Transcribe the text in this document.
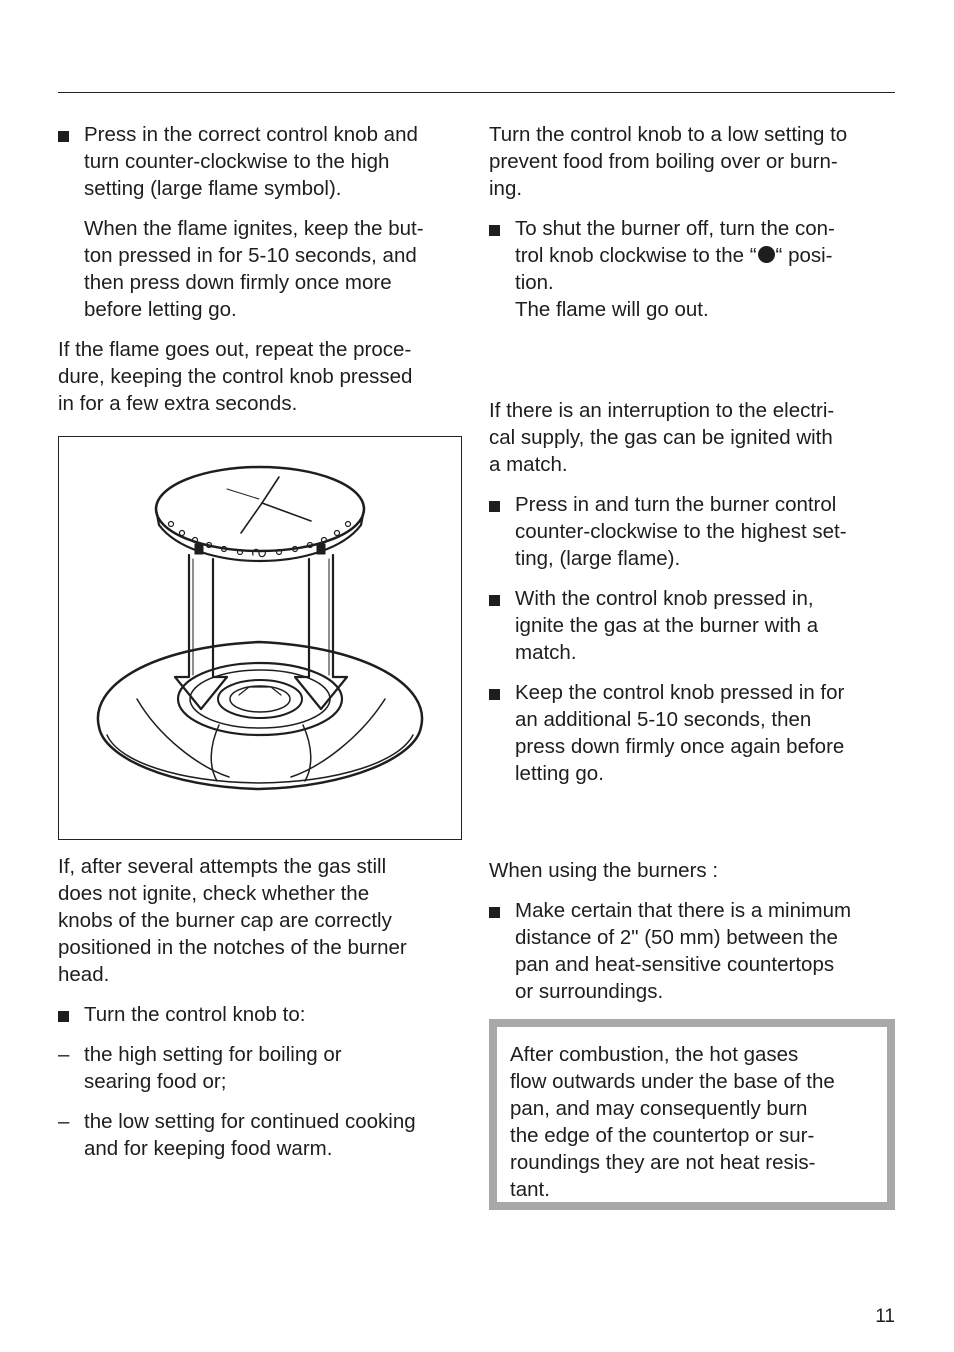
Press in the correct control knob and
turn counter-clockwise to the high
setting (large flame symbol).
When the flame ignites, keep the but-
ton pressed in for 5-10 seconds, and
then press down firmly once more
before letting go.
If the flame goes out, repeat the proce-
dure, keeping the control knob pressed
in for a few extra seconds.
If, after several attempts the gas still
does not ignite, check whether the
knobs of the burner cap are correctly
positioned in the notches of the burner
head.
Turn the control knob to:
– the high setting for boiling or
searing food or;
– the low setting for continued cooking
and for keeping food warm.
Turn the control knob to a low setting to
prevent food from boiling over or burn-
ing.
To shut the burner off, turn the con-
trol knob clockwise to the “ “ posi-
tion.
The flame will go out.
If there is an interruption to the electri-
cal supply, the gas can be ignited with
a match.
Press in and turn the burner control
counter-clockwise to the highest set-
ting, (large flame).
With the control knob pressed in,
ignite the gas at the burner with a
match.
Keep the control knob pressed in for
an additional 5-10 seconds, then
press down firmly once again before
letting go.
When using the burners :
Make certain that there is a minimum
distance of 2" (50 mm) between the
pan and heat-sensitive countertops
or surroundings.
After combustion, the hot gases
flow outwards under the base of the
pan, and may consequently burn
the edge of the countertop or sur-
roundings they are not heat resis-
tant.
11
